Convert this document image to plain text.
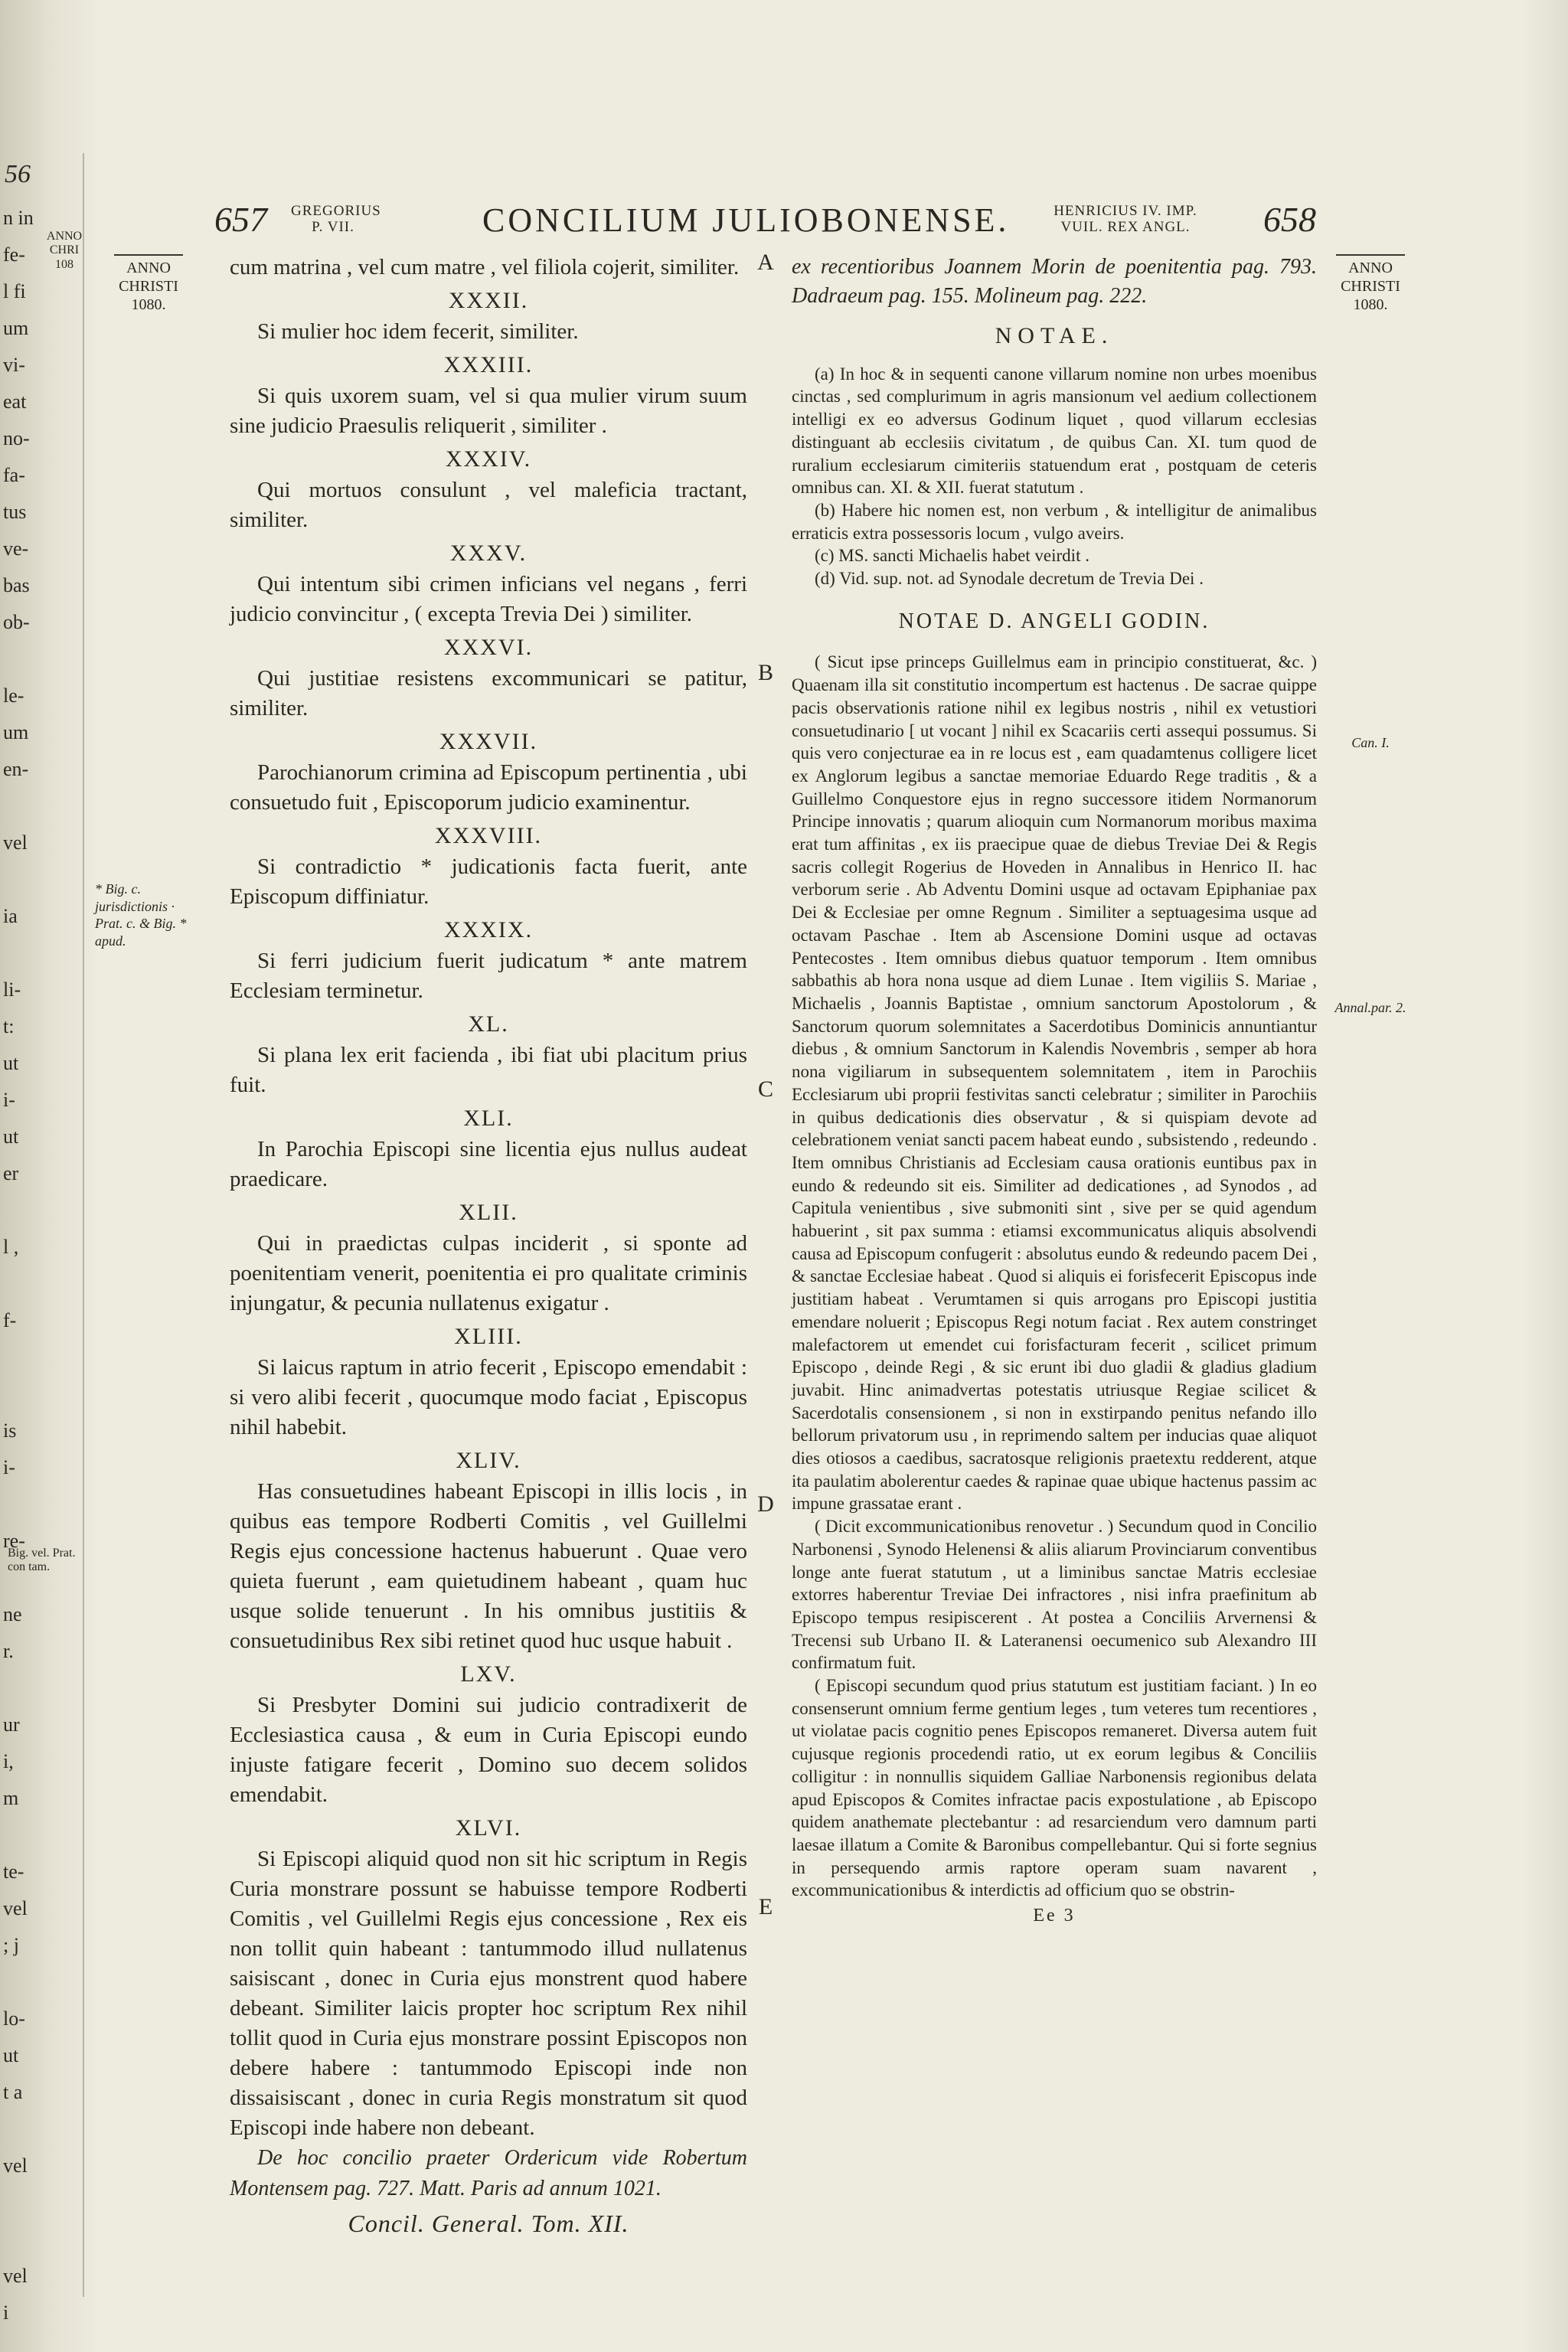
56
n in
fe-
l fi
um
vi-
eat
no-
fa-
tus
ve-
bas
ob-
le-
um
en-
vel
ia
li-
t:
ut
i-
ut
er
l ,
f-
is
i-
re-
ne
r.
ur
i,
m
te-
vel
; j
lo-
ut
t a
vel
vel
i
ANNO CHRI 108
Big. vel. Prat. con tam.
657 GREGORIUS P. VII.	CONCILIUM JULIOBONENSE.	HENRICIUS IV. IMP. VUIL. REX ANGL.	658
ANNO
CHRISTI
1080.
ANNO
CHRISTI
1080.
* Big. c. jurisdictionis · Prat. c. & Big. * apud.
Can. I.
Annal.par. 2.
A
B
C
D
E

cum matrina , vel cum matre , vel filiola cojerit, similiter.

XXXII.

Si mulier hoc idem fecerit, similiter.

XXXIII.

Si quis uxorem suam, vel si qua mulier virum suum sine judicio Praesulis reliquerit , similiter .

XXXIV.

Qui mortuos consulunt , vel maleficia tractant, similiter.

XXXV.

Qui intentum sibi crimen inficians vel negans , ferri judicio convincitur , ( excepta Trevia Dei ) similiter.

XXXVI.

Qui justitiae resistens excommunicari se patitur, similiter.

XXXVII.

Parochianorum crimina ad Episcopum pertinentia , ubi consuetudo fuit , Episcoporum judicio examinentur.

XXXVIII.

Si contradictio * judicationis facta fuerit, ante Episcopum diffiniatur.

XXXIX.

Si ferri judicium fuerit judicatum * ante matrem Ecclesiam terminetur.

XL.

Si plana lex erit facienda , ibi fiat ubi placitum prius fuit.

XLI.

In Parochia Episcopi sine licentia ejus nullus audeat praedicare.

XLII.

Qui in praedictas culpas inciderit , si sponte ad poenitentiam venerit, poenitentia ei pro qualitate criminis injungatur, & pecunia nullatenus exigatur .

XLIII.

Si laicus raptum in atrio fecerit , Episcopo emendabit : si vero alibi fecerit , quocumque modo faciat , Episcopus nihil habebit.

XLIV.

Has consuetudines habeant Episcopi in illis locis , in quibus eas tempore Rodberti Comitis , vel Guillelmi Regis ejus concessione hactenus habuerunt . Quae vero quieta fuerunt , eam quietudinem habeant , quam huc usque solide tenuerunt . In his omnibus justitiis & consuetudinibus Rex sibi retinet quod huc usque habuit .

LXV.

Si Presbyter Domini sui judicio contradixerit de Ecclesiastica causa , & eum in Curia Episcopi eundo injuste fatigare fecerit , Domino suo decem solidos emendabit.

XLVI.

Si Episcopi aliquid quod non sit hic scriptum in Regis Curia monstrare possunt se habuisse tempore Rodberti Comitis , vel Guillelmi Regis ejus concessione , Rex eis non tollit quin habeant : tantummodo illud nullatenus saisiscant , donec in Curia ejus monstrent quod habere debeant. Similiter laicis propter hoc scriptum Rex nihil tollit quod in Curia ejus monstrare possint Episcopos non debere habere : tantummodo Episcopi inde non dissaisiscant , donec in curia Regis monstratum sit quod Episcopi inde habere non debeant.

De hoc concilio praeter Ordericum vide Robertum Montensem pag. 727. Matt. Paris ad annum 1021.

Concil. General. Tom. XII.

ex recentioribus Joannem Morin de poenitentia pag. 793. Dadraeum pag. 155. Molineum pag. 222.

NOTAE.

(a) In hoc & in sequenti canone villarum nomine non urbes moenibus cinctas , sed complurimum in agris mansionum vel aedium collectionem intelligi ex eo adversus Godinum liquet , quod villarum ecclesias distinguant ab ecclesiis civitatum , de quibus Can. XI. tum quod de ruralium ecclesiarum cimiteriis statuendum erat , postquam de ceteris omnibus can. XI. & XII. fuerat statutum .

(b) Habere hic nomen est, non verbum , & intelligitur de animalibus erraticis extra possessoris locum , vulgo aveirs.

(c) MS. sancti Michaelis habet veirdit .

(d) Vid. sup. not. ad Synodale decretum de Trevia Dei .

NOTAE D. ANGELI GODIN.

( Sicut ipse princeps Guillelmus eam in principio constituerat, &c. ) Quaenam illa sit constitutio incompertum est hactenus . De sacrae quippe pacis observationis ratione nihil ex legibus nostris , nihil ex vetustiori consuetudinario [ ut vocant ] nihil ex Scacariis certi assequi possumus. Si quis vero conjecturae ea in re locus est , eam quadamtenus colligere licet ex Anglorum legibus a sanctae memoriae Eduardo Rege traditis , & a Guillelmo Conquestore ejus in regno successore itidem Normanorum Principe innovatis ; quarum alioquin cum Normanorum moribus maxima erat tum affinitas , ex iis praecipue quae de diebus Treviae Dei & Regis sacris collegit Rogerius de Hoveden in Annalibus in Henrico II. hac verborum serie . Ab Adventu Domini usque ad octavam Epiphaniae pax Dei & Ecclesiae per omne Regnum . Similiter a septuagesima usque ad octavam Paschae . Item ab Ascensione Domini usque ad octavas Pentecostes . Item omnibus diebus quatuor temporum . Item omnibus sabbathis ab hora nona usque ad diem Lunae . Item vigiliis S. Mariae , Michaelis , Joannis Baptistae , omnium sanctorum Apostolorum , & Sanctorum quorum solemnitates a Sacerdotibus Dominicis annuntiantur diebus , & omnium Sanctorum in Kalendis Novembris , semper ab hora nona vigiliarum in subsequentem solemnitatem , item in Parochiis Ecclesiarum ubi proprii festivitas sancti celebratur ; similiter in Parochiis in quibus dedicationis dies observatur , & si quispiam devote ad celebrationem veniat sancti pacem habeat eundo , subsistendo , redeundo . Item omnibus Christianis ad Ecclesiam causa orationis euntibus pax in eundo & redeundo sit eis. Similiter ad dedicationes , ad Synodos , ad Capitula venientibus , sive submoniti sint , sive per se quid agendum habuerint , sit pax summa : etiamsi excommunicatus aliquis absolvendi causa ad Episcopum confugerit : absolutus eundo & redeundo pacem Dei , & sanctae Ecclesiae habeat . Quod si aliquis ei forisfecerit Episcopus inde justitiam habeat . Verumtamen si quis arrogans pro Episcopi justitia emendare noluerit ; Episcopus Regi notum faciat . Rex autem constringet malefactorem ut emendet cui forisfacturam fecerit , scilicet primum Episcopo , deinde Regi , & sic erunt ibi duo gladii & gladius gladium juvabit. Hinc animadvertas potestatis utriusque Regiae scilicet & Sacerdotalis consensionem , si non in exstirpando penitus nefando illo bellorum privatorum usu , in reprimendo saltem per inducias quae aliquot dies otiosos a caedibus, sacratosque religionis praetextu redderent, atque ita paulatim abolerentur caedes & rapinae quae ubique hactenus passim ac impune grassatae erant .

( Dicit excommunicationibus renovetur . ) Secundum quod in Concilio Narbonensi , Synodo Helenensi & aliis aliarum Provinciarum conventibus longe ante fuerat statutum , ut a liminibus sanctae Matris ecclesiae extorres haberentur Treviae Dei infractores , nisi infra praefinitum ab Episcopo tempus resipiscerent . At postea a Conciliis Arvernensi & Trecensi sub Urbano II. & Lateranensi oecumenico sub Alexandro III confirmatum fuit.

( Episcopi secundum quod prius statutum est justitiam faciant. ) In eo consenserunt omnium ferme gentium leges , tum veteres tum recentiores , ut violatae pacis cognitio penes Episcopos remaneret. Diversa autem fuit cujusque regionis procedendi ratio, ut ex eorum legibus & Conciliis colligitur : in nonnullis siquidem Galliae Narbonensis regionibus delata apud Episcopos & Comites infractae pacis expostulatione , ab Episcopo quidem anathemate plectebantur : ad resarciendum vero damnum parti laesae illatum a Comite & Baronibus compellebantur. Qui si forte segnius in persequendo armis raptore operam suam navarent , excommunicationibus & interdictis ad officium quo se obstrin-

Ee 3
